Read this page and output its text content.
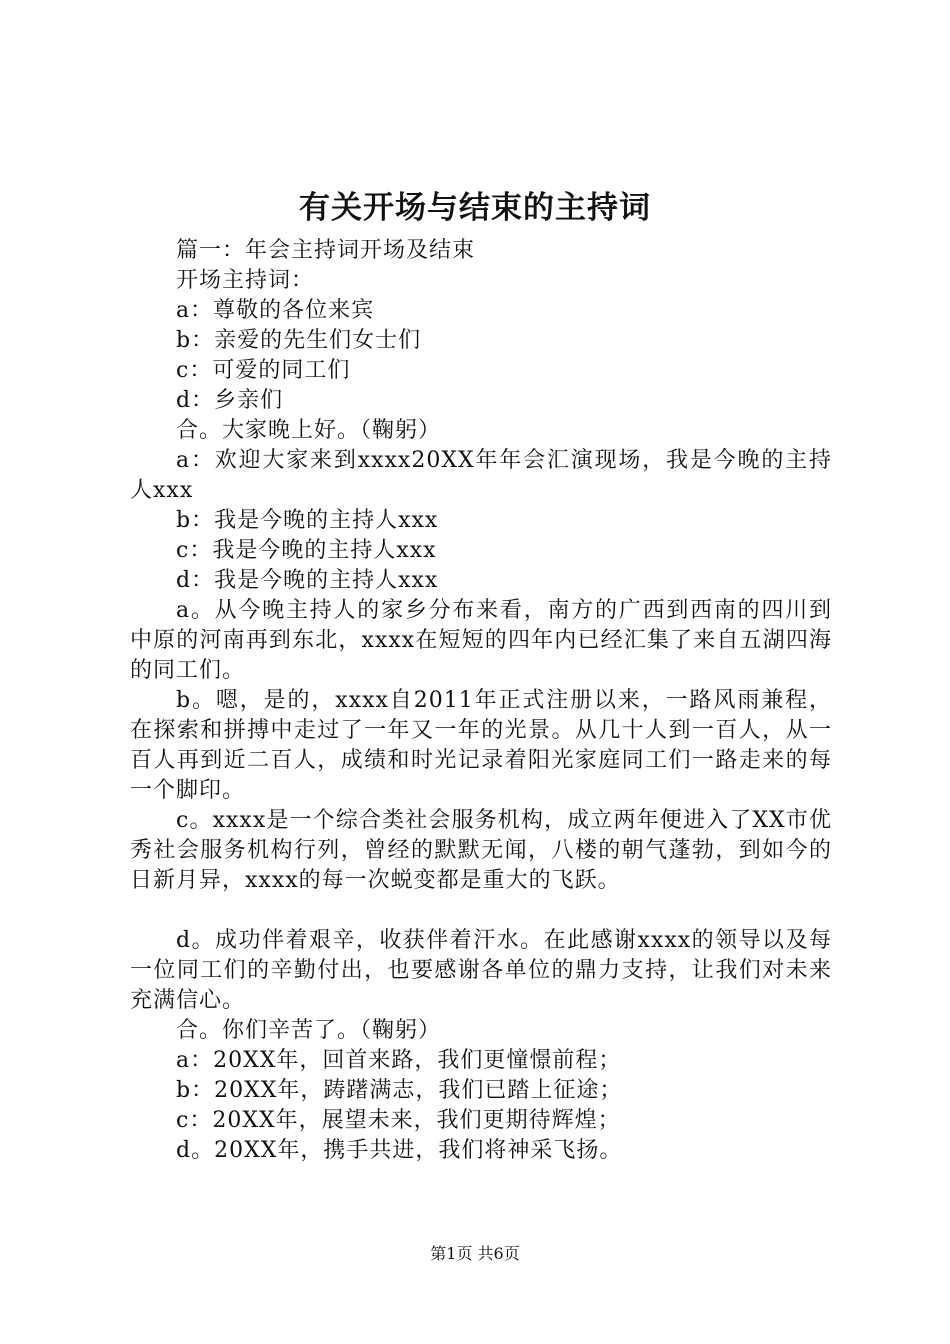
有关开场与结束的主持词

篇一：年会主持词开场及结束

开场主持词：

a：尊敬的各位来宾

b：亲爱的先生们女士们

c：可爱的同工们

d：乡亲们

合。大家晚上好。（鞠躬）

a：欢迎大家来到xxxx20XX年年会汇演现场，我是今晚的主持人xxx

b：我是今晚的主持人xxx

c：我是今晚的主持人xxx

d：我是今晚的主持人xxx

a。从今晚主持人的家乡分布来看，南方的广西到西南的四川到中原的河南再到东北，xxxx在短短的四年内已经汇集了来自五湖四海的同工们。

b。嗯，是的，xxxx自2011年正式注册以来，一路风雨兼程，在探索和拼搏中走过了一年又一年的光景。从几十人到一百人，从一百人再到近二百人，成绩和时光记录着阳光家庭同工们一路走来的每一个脚印。

c。xxxx是一个综合类社会服务机构，成立两年便进入了XX市优秀社会服务机构行列，曾经的默默无闻，八楼的朝气蓬勃，到如今的日新月异，xxxx的每一次蜕变都是重大的飞跃。

d。成功伴着艰辛，收获伴着汗水。在此感谢xxxx的领导以及每一位同工们的辛勤付出，也要感谢各单位的鼎力支持，让我们对未来充满信心。

合。你们辛苦了。（鞠躬）

a：20XX年，回首来路，我们更憧憬前程；

b：20XX年，踌躇满志，我们已踏上征途；

c：20XX年，展望未来，我们更期待辉煌；

d。20XX年，携手共进，我们将神采飞扬。

第1页 共6页
